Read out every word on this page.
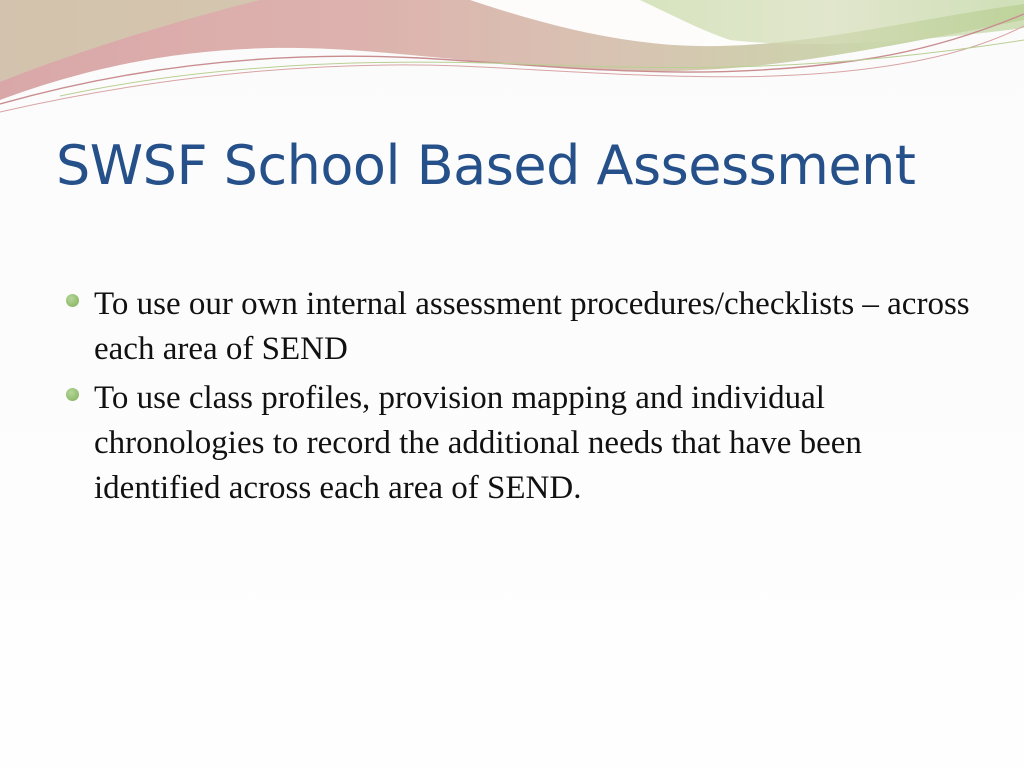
SWSF School Based Assessment
To use our own internal assessment procedures/checklists – across each area of SEND
To use class profiles, provision mapping and individual chronologies to record the additional needs that have been identified across each area of SEND.
